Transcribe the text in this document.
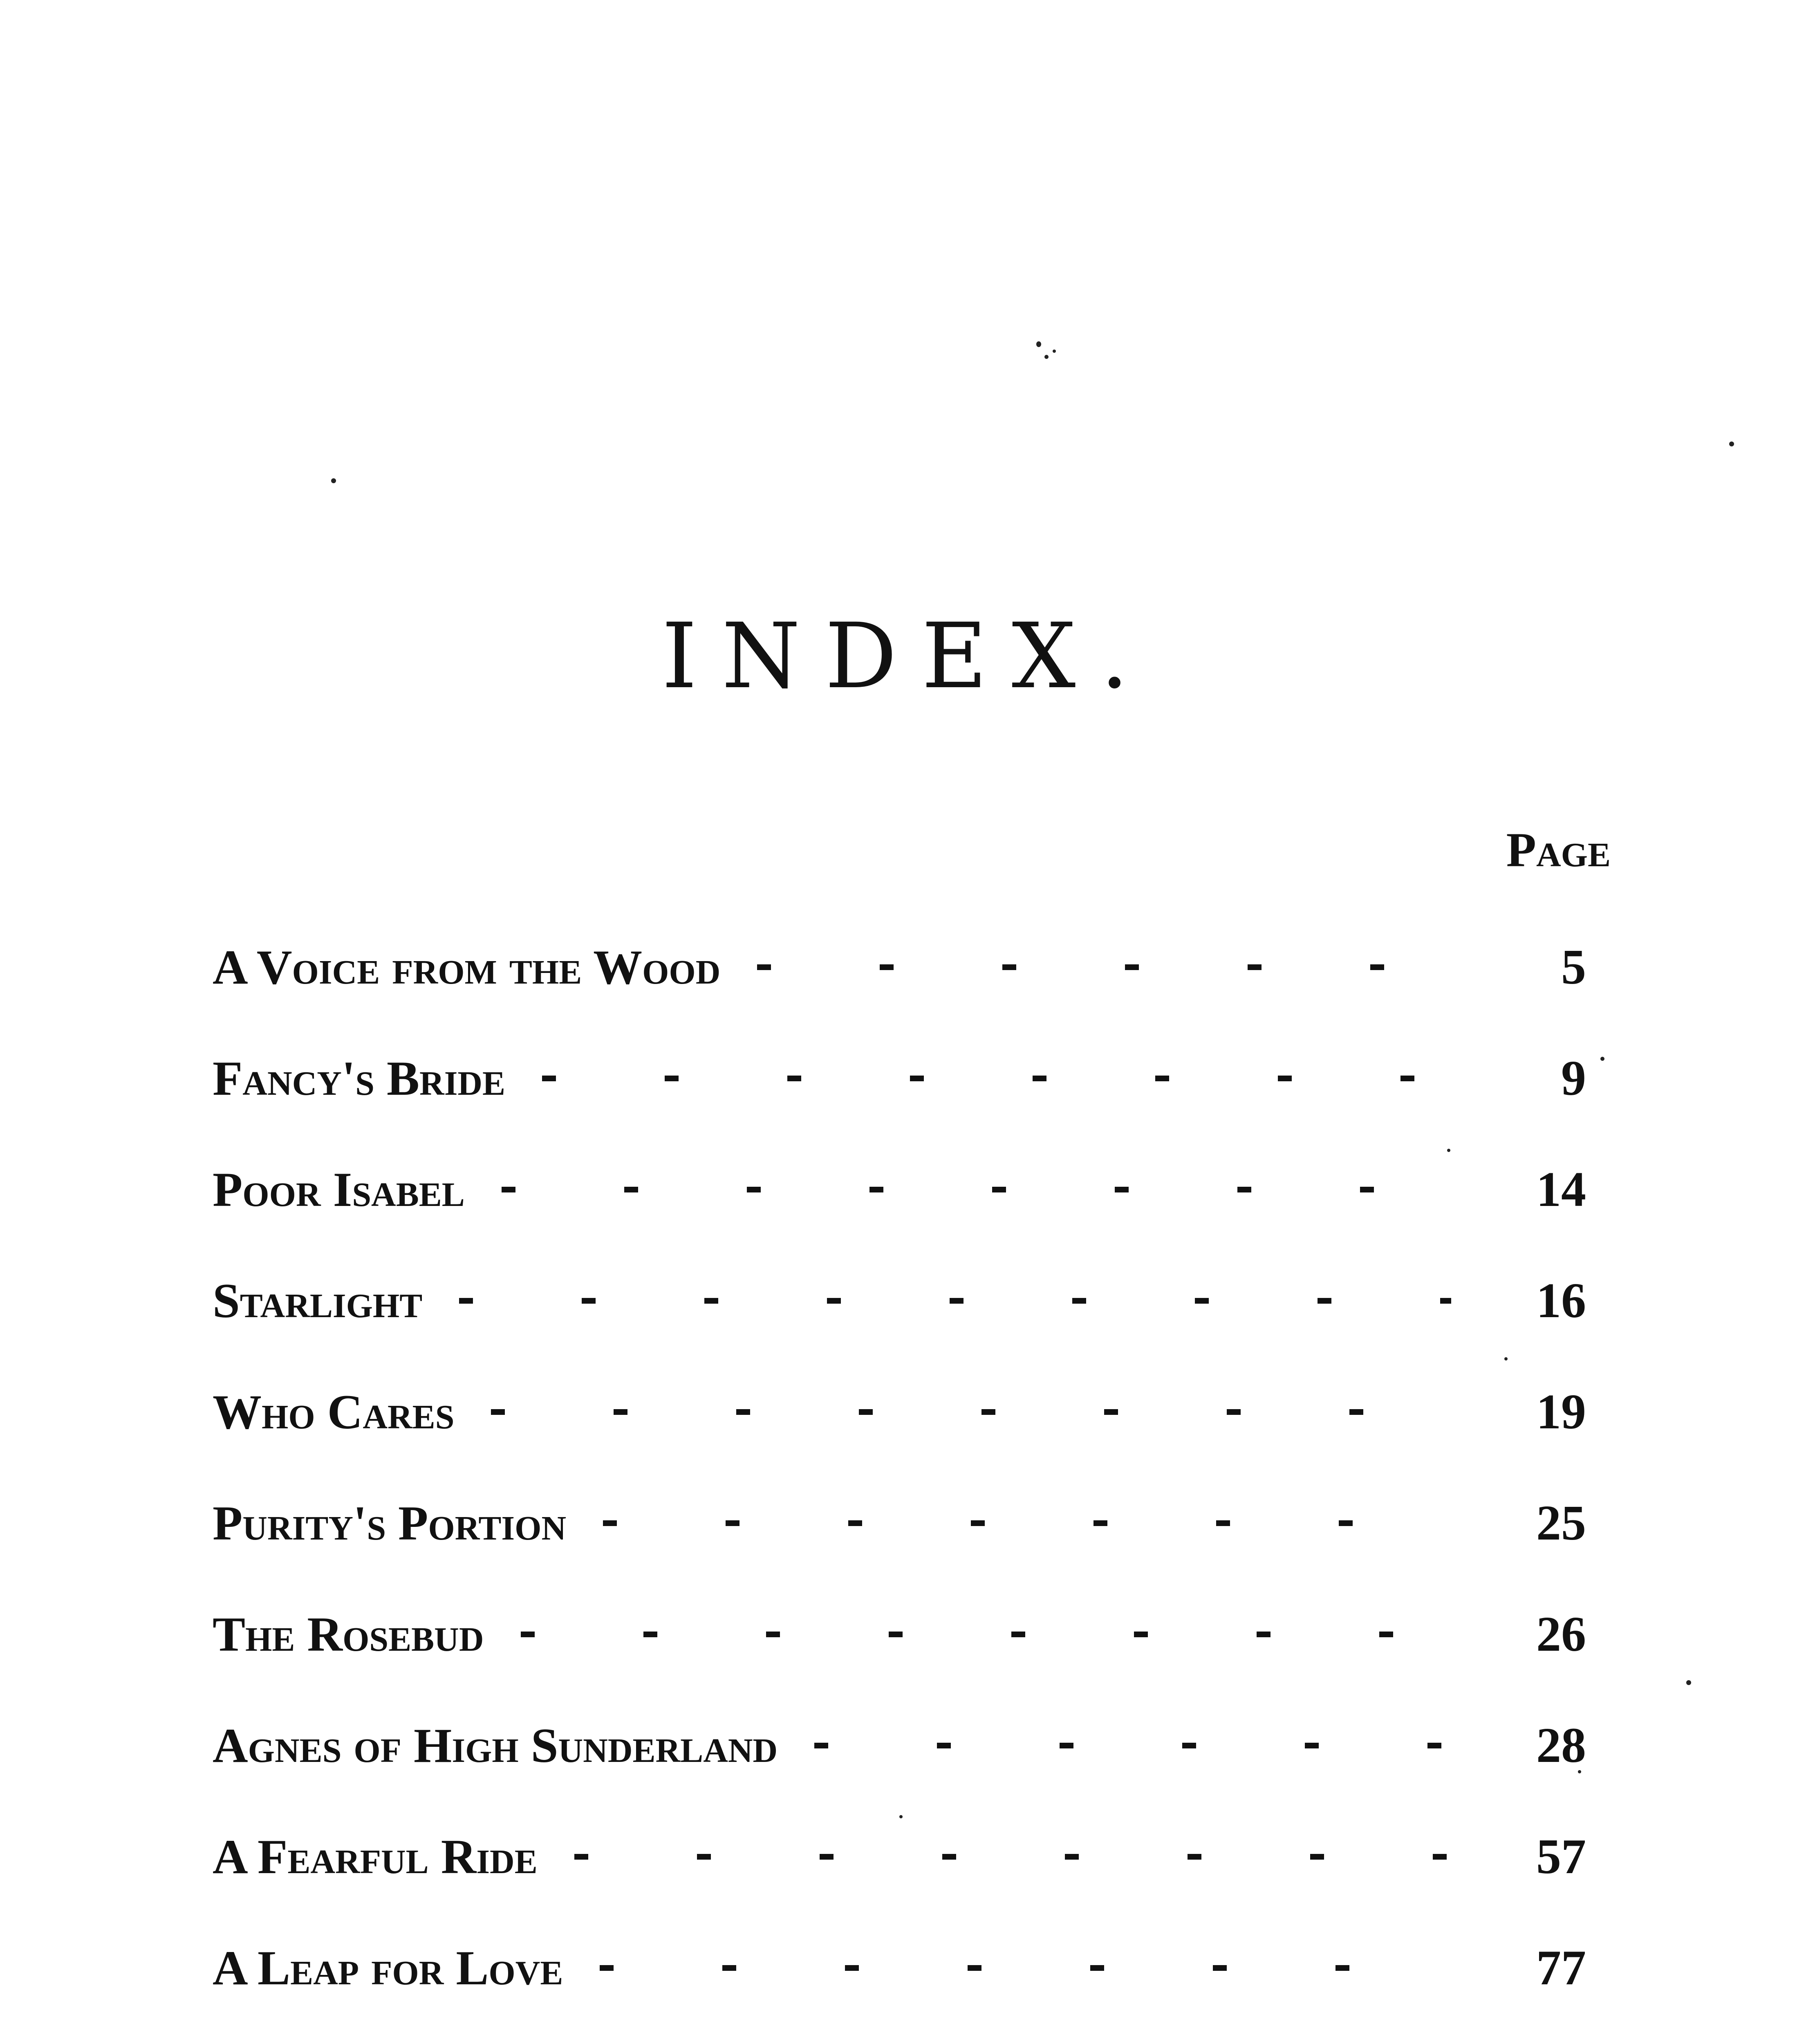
INDEX.
Page
A Voice from the Wood	5
Fancy's Bride	9
Poor Isabel	14
Starlight	16
Who Cares	19
Purity's Portion	25
The Rosebud	26
Agnes of High Sunderland	28
A Fearful Ride	57
A Leap for Love	77
